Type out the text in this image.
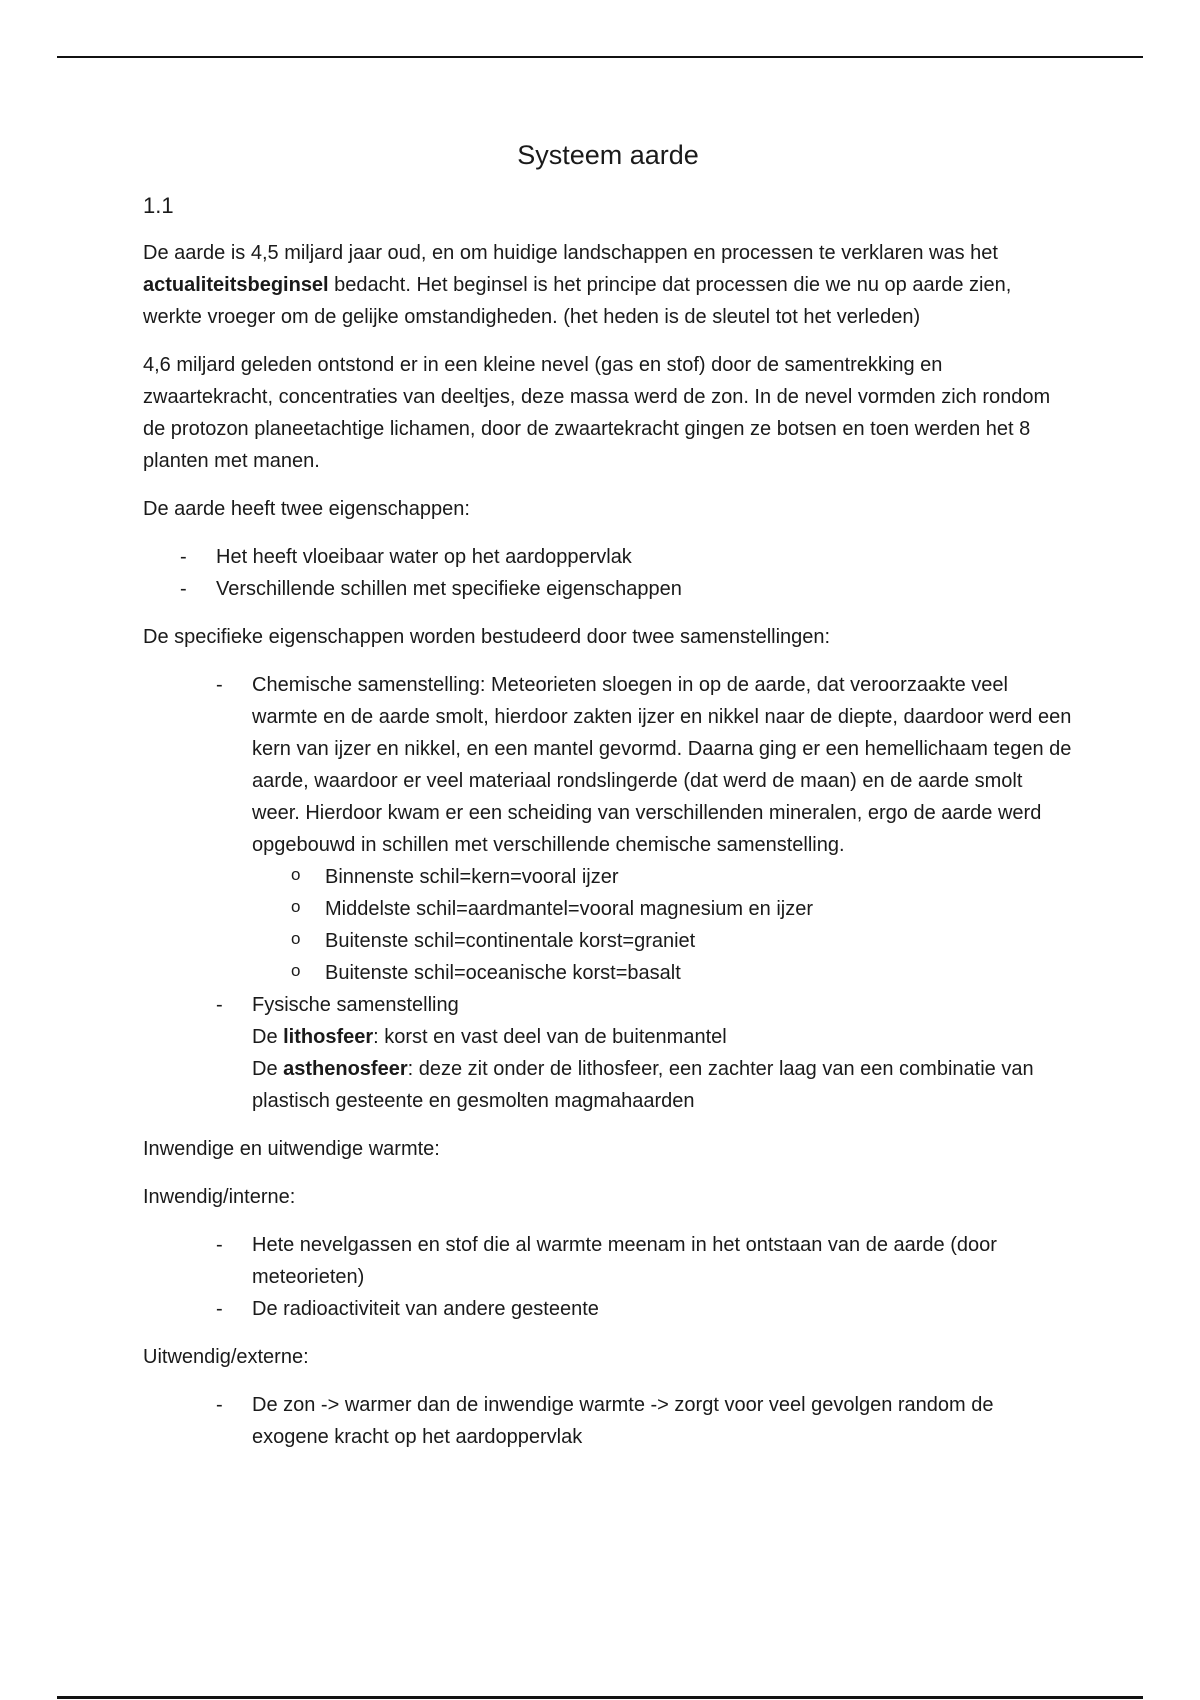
Systeem aarde
1.1

De aarde is 4,5 miljard jaar oud, en om huidige landschappen en processen te verklaren was het actualiteitsbeginsel bedacht. Het beginsel is het principe dat processen die we nu op aarde zien, werkte vroeger om de gelijke omstandigheden. (het heden is de sleutel tot het verleden)

4,6 miljard geleden ontstond er in een kleine nevel (gas en stof) door de samentrekking en zwaartekracht, concentraties van deeltjes, deze massa werd de zon. In de nevel vormden zich rondom de protozon planeetachtige lichamen, door de zwaartekracht gingen ze botsen en toen werden het 8 planten met manen.

De aarde heeft twee eigenschappen:

- Het heeft vloeibaar water op het aardoppervlak
- Verschillende schillen met specifieke eigenschappen

De specifieke eigenschappen worden bestudeerd door twee samenstellingen:

- Chemische samenstelling: Meteorieten sloegen in op de aarde, dat veroorzaakte veel warmte en de aarde smolt, hierdoor zakten ijzer en nikkel naar de diepte, daardoor werd een kern van ijzer en nikkel, en een mantel gevormd. Daarna ging er een hemellichaam tegen de aarde, waardoor er veel materiaal rondslingerde (dat werd de maan) en de aarde smolt weer. Hierdoor kwam er een scheiding van verschillenden mineralen, ergo de aarde werd opgebouwd in schillen met verschillende chemische samenstelling.
o Binnenste schil=kern=vooral ijzer
o Middelste schil=aardmantel=vooral magnesium en ijzer
o Buitenste schil=continentale korst=graniet
o Buitenste schil=oceanische korst=basalt
- Fysische samenstelling
De lithosfeer: korst en vast deel van de buitenmantel
De asthenosfeer: deze zit onder de lithosfeer, een zachter laag van een combinatie van plastisch gesteente en gesmolten magmahaarden

Inwendige en uitwendige warmte:

Inwendig/interne:

- Hete nevelgassen en stof die al warmte meenam in het ontstaan van de aarde (door meteorieten)
- De radioactiviteit van andere gesteente

Uitwendig/externe:

- De zon -> warmer dan de inwendige warmte -> zorgt voor veel gevolgen random de exogene kracht op het aardoppervlak
